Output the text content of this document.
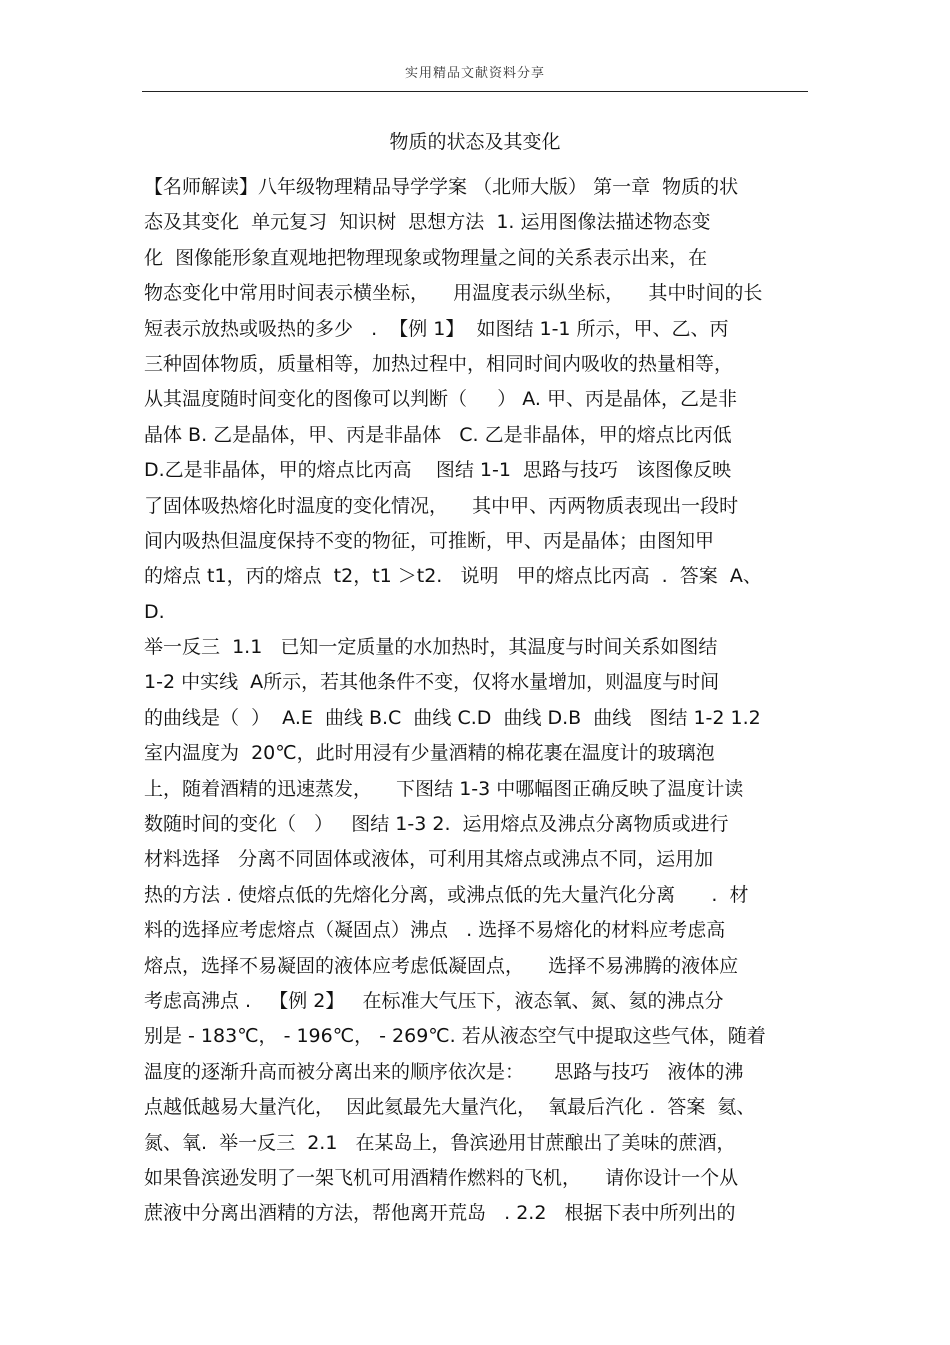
实用精品文献资料分享
物质的状态及其变化
【名师解读】八年级物理精品导学学案 （北师大版） 第一章  物质的状
态及其变化  单元复习  知识树  思想方法  1. 运用图像法描述物态变
化  图像能形象直观地把物理现象或物理量之间的关系表示出来，在
物态变化中常用时间表示横坐标，    用温度表示纵坐标，    其中时间的长
短表示放热或吸热的多少   .  【例 1】  如图结 1-1 所示，甲、乙、丙
三种固体物质，质量相等，加热过程中，相同时间内吸收的热量相等，
从其温度随时间变化的图像可以判断（     ） A. 甲、丙是晶体，乙是非
晶体 B. 乙是晶体，甲、丙是非晶体   C. 乙是非晶体，甲的熔点比丙低
D.乙是非晶体，甲的熔点比丙高    图结 1-1  思路与技巧   该图像反映
了固体吸热熔化时温度的变化情况，    其中甲、丙两物质表现出一段时
间内吸热但温度保持不变的物征，可推断，甲、丙是晶体；由图知甲
的熔点 t1，丙的熔点  t2，t1 ＞t2.   说明   甲的熔点比丙高  .  答案  A、
D.
举一反三  1.1   已知一定质量的水加热时，其温度与时间关系如图结
1-2 中实线  A所示，若其他条件不变，仅将水量增加，则温度与时间
的曲线是（  ）  A.E  曲线 B.C  曲线 C.D  曲线 D.B  曲线   图结 1-2 1.2
室内温度为  20℃，此时用浸有少量酒精的棉花裹在温度计的玻璃泡
上，随着酒精的迅速蒸发，    下图结 1-3 中哪幅图正确反映了温度计读
数随时间的变化（   ）   图结 1-3 2.  运用熔点及沸点分离物质或进行
材料选择   分离不同固体或液体，可利用其熔点或沸点不同，运用加
热的方法 . 使熔点低的先熔化分离，或沸点低的先大量汽化分离      .  材
料的选择应考虑熔点（凝固点）沸点   . 选择不易熔化的材料应考虑高
熔点，选择不易凝固的液体应考虑低凝固点，    选择不易沸腾的液体应
考虑高沸点 .   【例 2】   在标准大气压下，液态氧、氮、氦的沸点分
别是 - 183℃， - 196℃， - 269℃. 若从液态空气中提取这些气体，随着
温度的逐渐升高而被分离出来的顺序依次是：     思路与技巧   液体的沸
点越低越易大量汽化，  因此氦最先大量汽化，  氧最后汽化 .  答案  氦、
氮、氧.  举一反三  2.1   在某岛上，鲁滨逊用甘蔗酿出了美味的蔗酒，
如果鲁滨逊发明了一架飞机可用酒精作燃料的飞机，    请你设计一个从
蔗液中分离出酒精的方法，帮他离开荒岛   . 2.2   根据下表中所列出的
